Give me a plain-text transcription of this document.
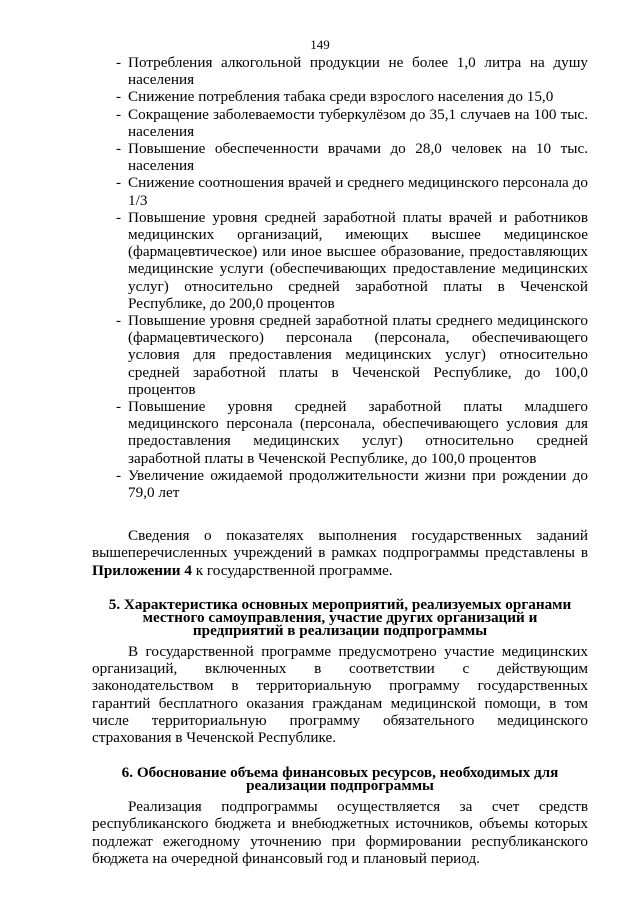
149
- Потребления алкогольной продукции не более 1,0 литра на душу населения
- Снижение потребления табака среди взрослого населения до 15,0
- Сокращение заболеваемости туберкулёзом до 35,1 случаев на 100 тыс. населения
- Повышение обеспеченности врачами до 28,0 человек на 10 тыс. населения
- Снижение соотношения врачей и среднего медицинского персонала до 1/3
- Повышение уровня средней заработной платы врачей и работников медицинских организаций, имеющих высшее медицинское (фармацевтическое) или иное высшее образование, предоставляющих медицинские услуги (обеспечивающих предоставление медицинских услуг) относительно средней заработной платы в Чеченской Республике, до 200,0 процентов
- Повышение уровня средней заработной платы среднего медицинского (фармацевтического) персонала (персонала, обеспечивающего условия для предоставления медицинских услуг) относительно средней заработной платы в Чеченской Республике, до 100,0 процентов
- Повышение уровня средней заработной платы младшего медицинского персонала (персонала, обеспечивающего условия для предоставления медицинских услуг) относительно средней заработной платы в Чеченской Республике, до 100,0 процентов
- Увеличение ожидаемой продолжительности жизни при рождении до 79,0 лет

Сведения о показателях выполнения государственных заданий вышеперечисленных учреждений в рамках подпрограммы представлены в Приложении 4 к государственной программе.

5. Характеристика основных мероприятий, реализуемых органами местного самоуправления, участие других организаций и предприятий в реализации подпрограммы

В государственной программе предусмотрено участие медицинских организаций, включенных в соответствии с действующим законодательством в территориальную программу государственных гарантий бесплатного оказания гражданам медицинской помощи, в том числе территориальную программу обязательного медицинского страхования в Чеченской Республике.

6. Обоснование объема финансовых ресурсов, необходимых для реализации подпрограммы

Реализация подпрограммы осуществляется за счет средств республиканского бюджета и внебюджетных источников, объемы которых подлежат ежегодному уточнению при формировании республиканского бюджета на очередной финансовый год и плановый период.
